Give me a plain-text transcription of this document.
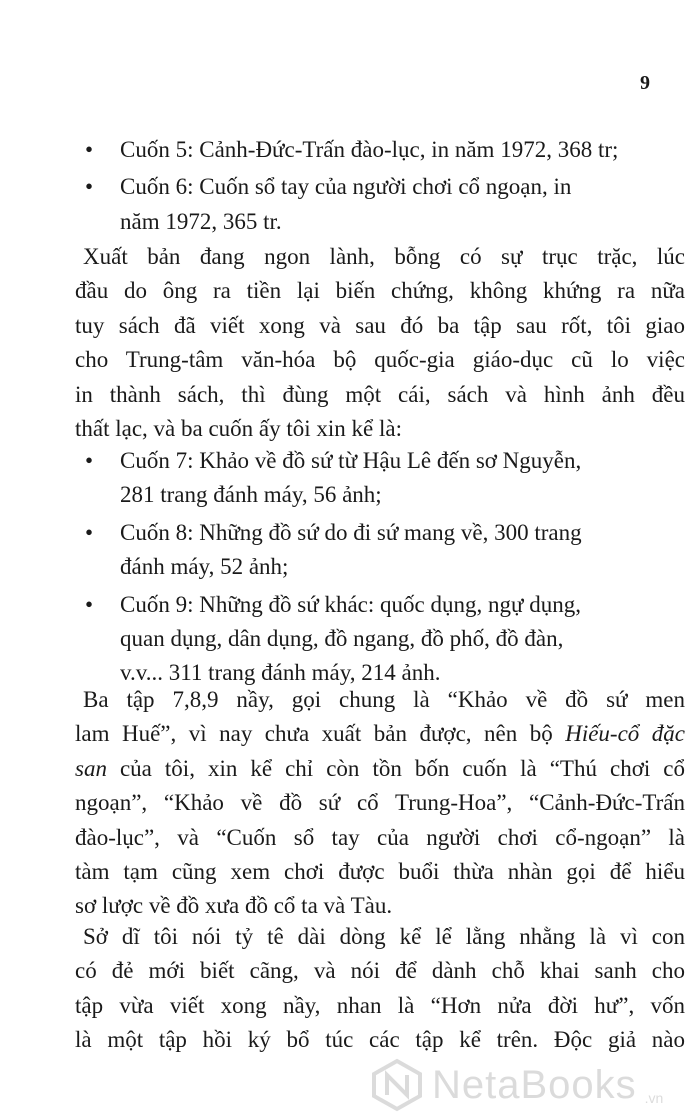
9
• Cuốn 5: Cảnh-Đức-Trấn đào-lục, in năm 1972, 368 tr;
• Cuốn 6: Cuốn sổ tay của người chơi cổ ngoạn, in
năm 1972, 365 tr.
Xuất bản đang ngon lành, bỗng có sự trục trặc, lúc
đầu do ông ra tiền lại biến chứng, không khứng ra nữa
tuy sách đã viết xong và sau đó ba tập sau rốt, tôi giao
cho Trung-tâm văn-hóa bộ quốc-gia giáo-dục cũ lo việc
in thành sách, thì đùng một cái, sách và hình ảnh đều
thất lạc, và ba cuốn ấy tôi xin kể là:
• Cuốn 7: Khảo về đồ sứ từ Hậu Lê đến sơ Nguyễn,
281 trang đánh máy, 56 ảnh;
• Cuốn 8: Những đồ sứ do đi sứ mang về, 300 trang
đánh máy, 52 ảnh;
• Cuốn 9: Những đồ sứ khác: quốc dụng, ngự dụng,
quan dụng, dân dụng, đồ ngang, đồ phố, đồ đàn,
v.v... 311 trang đánh máy, 214 ảnh.
Ba tập 7,8,9 nầy, gọi chung là “Khảo về đồ sứ men
lam Huế”, vì nay chưa xuất bản được, nên bộ Hiếu-cổ đặc
san của tôi, xin kể chỉ còn tồn bốn cuốn là “Thú chơi cổ
ngoạn”, “Khảo về đồ sứ cổ Trung-Hoa”, “Cảnh-Đức-Trấn
đào-lục”, và “Cuốn sổ tay của người chơi cổ-ngoạn” là
tàm tạm cũng xem chơi được buổi thừa nhàn gọi để hiểu
sơ lược về đồ xưa đồ cổ ta và Tàu.
Sở dĩ tôi nói tỷ tê dài dòng kể lể lằng nhằng là vì con
có đẻ mới biết cãng, và nói để dành chỗ khai sanh cho
tập vừa viết xong nầy, nhan là “Hơn nửa đời hư”, vốn
là một tập hồi ký bổ túc các tập kể trên. Độc giả nào
NetaBooks .vn
